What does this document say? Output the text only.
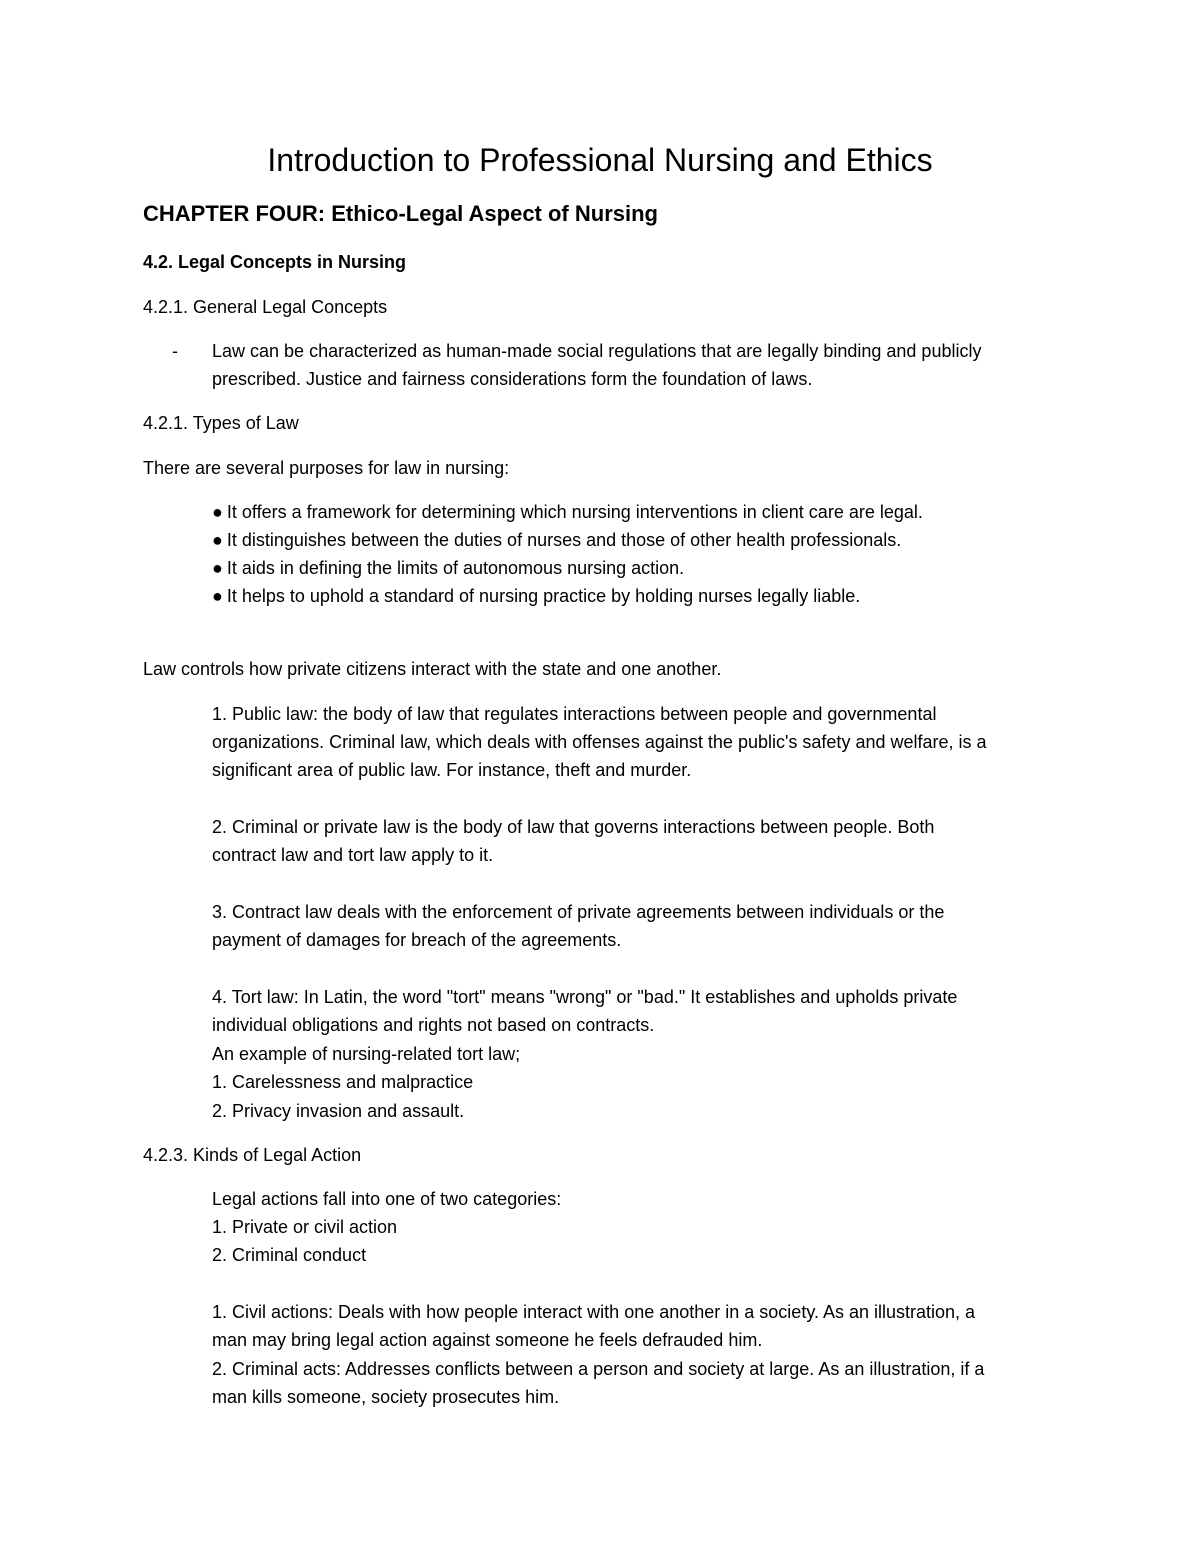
Introduction to Professional Nursing and Ethics

CHAPTER FOUR: Ethico-Legal Aspect of Nursing

4.2. Legal Concepts in Nursing

4.2.1. General Legal Concepts

- Law can be characterized as human-made social regulations that are legally binding and publicly

prescribed. Justice and fairness considerations form the foundation of laws.

4.2.1. Types of Law

There are several purposes for law in nursing:

● It offers a framework for determining which nursing interventions in client care are legal.

● It distinguishes between the duties of nurses and those of other health professionals.

● It aids in defining the limits of autonomous nursing action.

● It helps to uphold a standard of nursing practice by holding nurses legally liable.

Law controls how private citizens interact with the state and one another.

1. Public law: the body of law that regulates interactions between people and governmental

organizations. Criminal law, which deals with offenses against the public's safety and welfare, is a

significant area of public law. For instance, theft and murder.

2. Criminal or private law is the body of law that governs interactions between people. Both

contract law and tort law apply to it.

3. Contract law deals with the enforcement of private agreements between individuals or the

payment of damages for breach of the agreements.

4. Tort law: In Latin, the word "tort" means "wrong" or "bad." It establishes and upholds private

individual obligations and rights not based on contracts.

An example of nursing-related tort law;

1. Carelessness and malpractice

2. Privacy invasion and assault.

4.2.3. Kinds of Legal Action

Legal actions fall into one of two categories:

1. Private or civil action

2. Criminal conduct

1. Civil actions: Deals with how people interact with one another in a society. As an illustration, a

man may bring legal action against someone he feels defrauded him.

2. Criminal acts: Addresses conflicts between a person and society at large. As an illustration, if a

man kills someone, society prosecutes him.
